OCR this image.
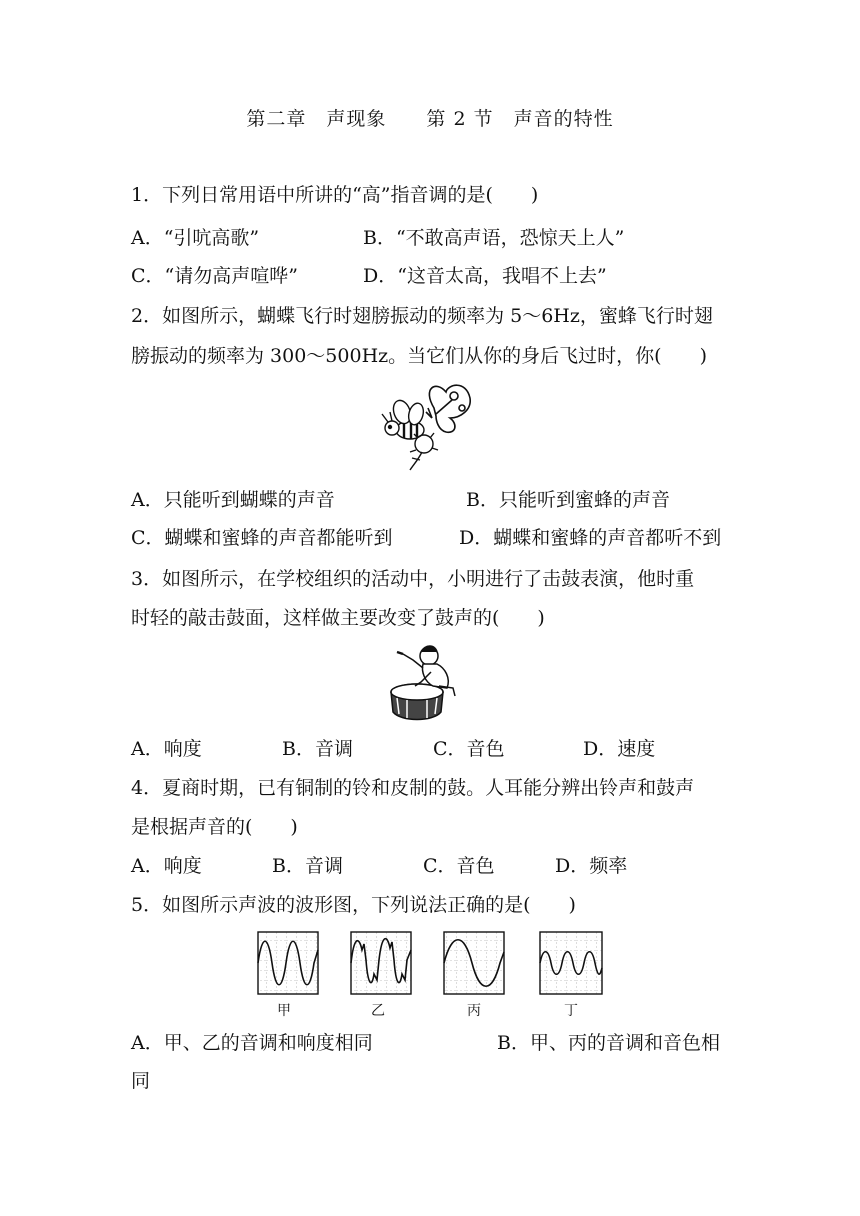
第二章　声现象　　第 2 节　声音的特性
1．下列日常用语中所讲的“高”指音调的是(　　)
A．“引吭高歌”	B．“不敢高声语，恐惊天上人”
C．“请勿高声喧哗”	D．“这音太高，我唱不上去”
2．如图所示，蝴蝶飞行时翅膀振动的频率为 5～6Hz，蜜蜂飞行时翅
膀振动的频率为 300～500Hz。当它们从你的身后飞过时，你(　　)
A．只能听到蝴蝶的声音	B．只能听到蜜蜂的声音
C．蝴蝶和蜜蜂的声音都能听到	D．蝴蝶和蜜蜂的声音都听不到
3．如图所示，在学校组织的活动中，小明进行了击鼓表演，他时重
时轻的敲击鼓面，这样做主要改变了鼓声的(　　)
A．响度	B．音调	C．音色	D．速度
4．夏商时期，已有铜制的铃和皮制的鼓。人耳能分辨出铃声和鼓声
是根据声音的(　　)
A．响度	B．音调	C．音色	D．频率
5．如图所示声波的波形图，下列说法正确的是(　　)
甲	乙	丙	丁
A．甲、乙的音调和响度相同	B．甲、丙的音调和音色相
同
